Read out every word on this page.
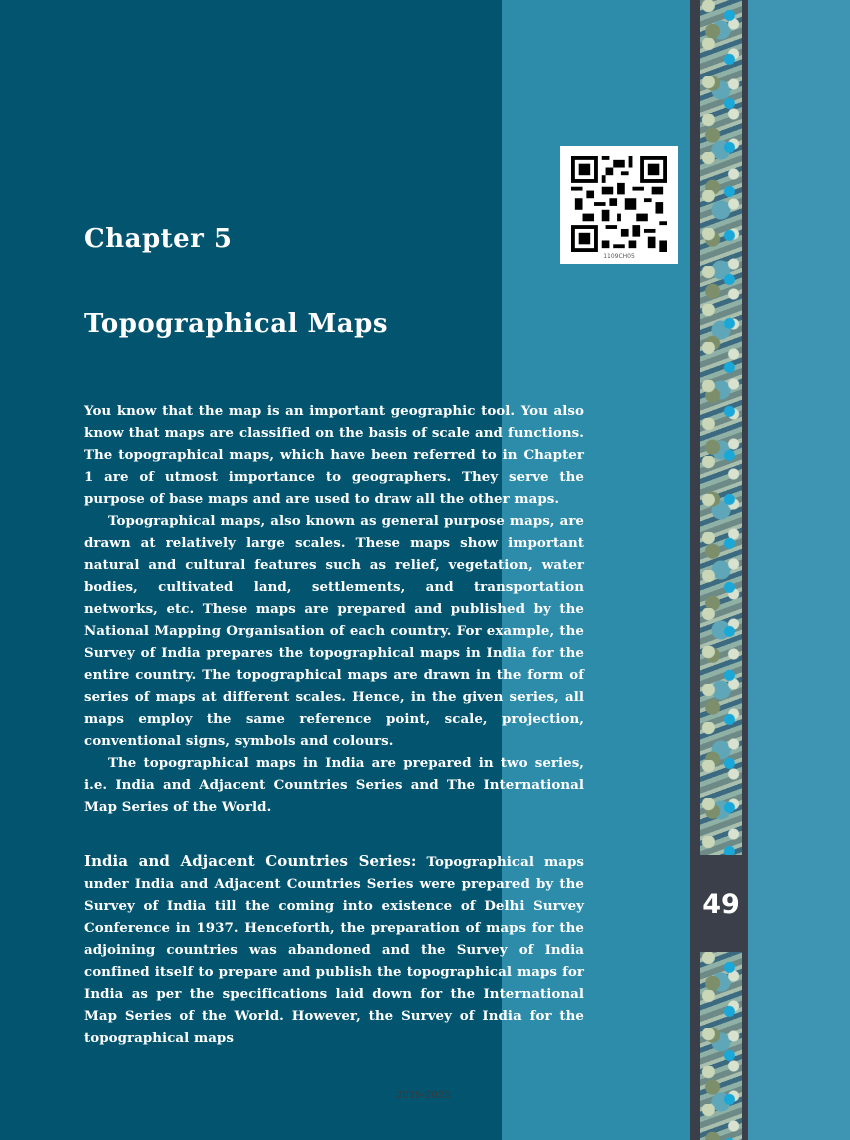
49
1109CH05
Chapter 5
Topographical Maps

You know that the map is an important geographic tool. You also know that maps are classified on the basis of scale and functions. The topographical maps, which have been referred to in Chapter 1 are of utmost importance to geographers. They serve the purpose of base maps and are used to draw all the other maps.

Topographical maps, also known as general purpose maps, are drawn at relatively large scales. These maps show important natural and cultural features such as relief, vegetation, water bodies, cultivated land, settlements, and transportation networks, etc. These maps are prepared and published by the National Mapping Organisation of each country. For example, the Survey of India prepares the topographical maps in India for the entire country. The topographical maps are drawn in the form of series of maps at different scales. Hence, in the given series, all maps employ the same reference point, scale, projection, conventional signs, symbols and colours.

The topographical maps in India are prepared in two series, i.e. India and Adjacent Countries Series and The International Map Series of the World.

India and Adjacent Countries Series: Topographical maps under India and Adjacent Countries Series were prepared by the Survey of India till the coming into existence of Delhi Survey Conference in 1937. Henceforth, the preparation of maps for the adjoining countries was abandoned and the Survey of India confined itself to prepare and publish the topographical maps for India as per the specifications laid down for the International Map Series of the World. However, the Survey of India for the topographical maps

2019-2020
